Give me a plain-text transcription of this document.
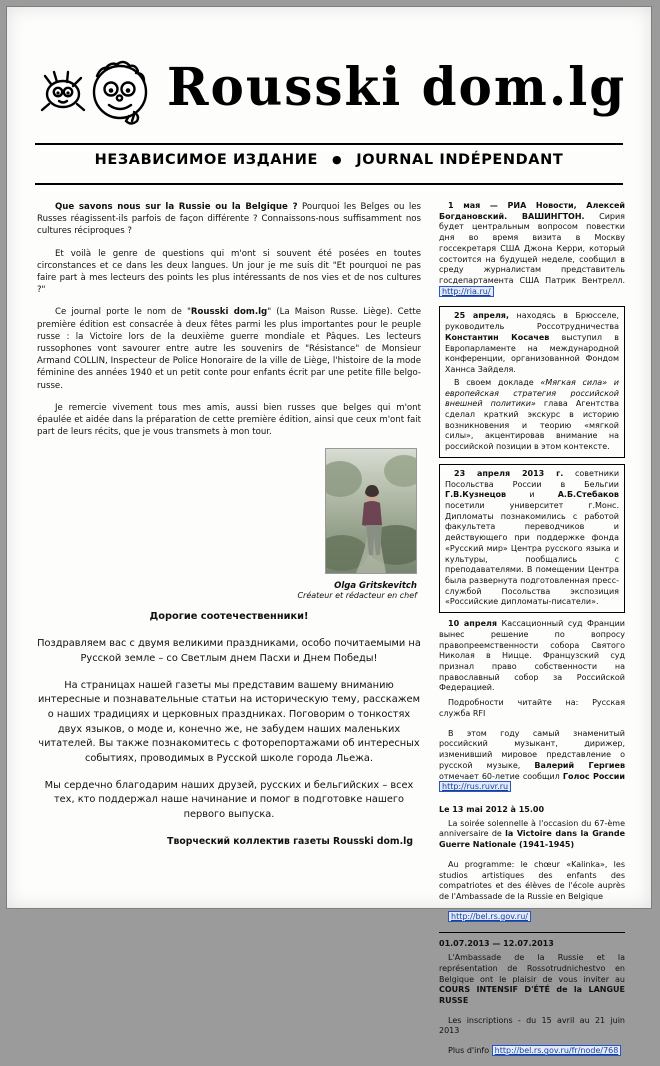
Rousski dom.lg
НЕЗАВИСИМОЕ ИЗДАНИЕ ● JOURNAL INDÉPENDANT

Que savons nous sur la Russie ou la Belgique ? Pourquoi les Belges ou les Russes réagissent-ils parfois de façon différente ? Connaissons-nous suffisamment nos cultures réciproques ?

Et voilà le genre de questions qui m'ont si souvent été posées en toutes circonstances et ce dans les deux langues. Un jour je me suis dit "Et pourquoi ne pas faire part à mes lecteurs des points les plus intéressants de nos vies et de nos cultures ?"

Ce journal porte le nom de "Rousski dom.lg" (La Maison Russe. Liège). Cette première édition est consacrée à deux fêtes parmi les plus importantes pour le peuple russe : la Victoire lors de la deuxième guerre mondiale et Pâques. Les lecteurs russophones vont savourer entre autre les souvenirs de "Résistance" de Monsieur Armand COLLIN, Inspecteur de Police Honoraire de la ville de Liège, l'histoire de la mode féminine des années 1940 et un petit conte pour enfants écrit par une petite fille belgo-russe.

Je remercie vivement tous mes amis, aussi bien russes que belges qui m'ont épaulée et aidée dans la préparation de cette première édition, ainsi que ceux m'ont fait part de leurs récits, que je vous transmets à mon tour.

Olga Gritskevitch
Créateur et rédacteur en chef

Дорогие соотечественники!

Поздравляем вас с двумя великими праздниками, особо почитаемыми на Русской земле – со Светлым днем Пасхи и Днем Победы!

На страницах нашей газеты мы представим вашему вниманию интересные и познавательные статьи на историческую тему, расскажем о наших традициях и церковных праздниках. Поговорим о тонкостях двух языков, о моде и, конечно же, не забудем наших маленьких читателей. Вы также познакомитесь с фоторепортажами об интересных событиях, проводимых в Русской школе города Льежа.

Мы сердечно благодарим наших друзей, русских и бельгийских – всех тех, кто поддержал наше начинание и помог в подготовке нашего первого выпуска.

Творческий коллектив газеты Rousski dom.lg

1 мая — РИА Новости, Алексей Богдановский. ВАШИНГТОН. Сирия будет центральным вопросом повестки дня во время визита в Москву госсекретаря США Джона Керри, который состоится на будущей неделе, сообщил в среду журналистам представитель госдепартамента США Патрик Вентрелл. http://ria.ru/

25 апреля, находясь в Брюсселе, руководитель Россотрудничества Константин Косачев выступил в Европарламенте на международной конференции, организованной Фондом Ханнса Зайделя.

В своем докладе «Мягкая сила» и европейская стратегия российской внешней политики» глава Агентства сделал краткий экскурс в историю возникновения и теорию «мягкой силы», акцентировав внимание на российской позиции в этом контексте.

23 апреля 2013 г. советники Посольства России в Бельгии Г.В.Кузнецов и А.Б.Стебаков посетили университет г.Монс. Дипломаты познакомились с работой факультета переводчиков и действующего при поддержке фонда «Русский мир» Центра русского языка и культуры, пообщались с преподавателями. В помещении Центра была развернута подготовленная пресс-службой Посольства экспозиция «Российские дипломаты-писатели».

10 апреля Кассационный суд Франции вынес решение по вопросу правопреемственности собора Святого Николая в Ницце. Французский суд признал право собственности на православный собор за Российской Федерацией.

Подробности читайте на: Русская служба RFI

В этом году самый знаменитый российский музыкант, дирижер, изменивший мировое представление о русской музыке, Валерий Гергиев отмечает 60-летие сообщил Голос России http://rus.ruvr.ru

Le 13 mai 2012 à 15.00

La soirée solennelle à l'occasion du 67-ème anniversaire de la Victoire dans la Grande Guerre Nationale (1941-1945)

Au programme: le chœur «Kalinka», les studios artistiques des enfants des compatriotes et des élèves de l'école auprès de l'Ambassade de la Russie en Belgique

http://bel.rs.gov.ru/

01.07.2013 — 12.07.2013

L'Ambassade de la Russie et la représentation de Rossotrudnichestvo en Belgique ont le plaisir de vous inviter au COURS INTENSIF D'ÉTÉ de la LANGUE RUSSE

Les inscriptions - du 15 avril au 21 juin 2013

Plus d'info http://bel.rs.gov.ru/fr/node/768
